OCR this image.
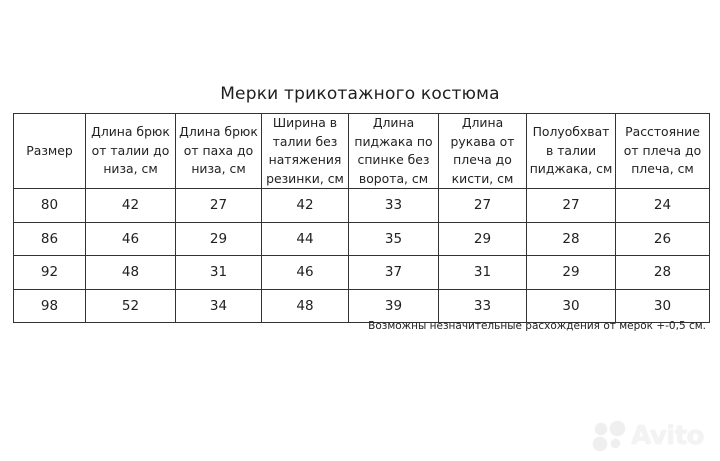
Мерки трикотажного костюма
Размер	Длина брюк от талии до низа, см	Длина брюк от паха до низа, см	Ширина в талии без натяжения резинки, см	Длина пиджака по спинке без ворота, см	Длина рукава от плеча до кисти, см	Полуобхват в талии пиджака, см	Расстояние от плеча до плеча, см
80	42	27	42	33	27	27	24
86	46	29	44	35	29	28	26
92	48	31	46	37	31	29	28
98	52	34	48	39	33	30	30
Возможны незначительные расхождения от мерок +-0,5 см.
Avito
